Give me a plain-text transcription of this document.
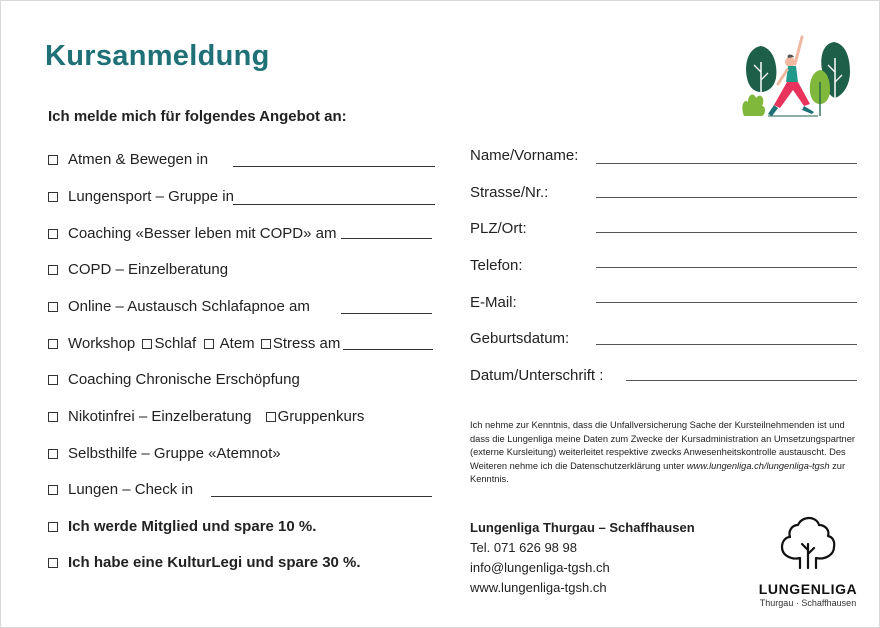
Kursanmeldung
Ich melde mich für folgendes Angebot an:
Atmen & Bewegen in
Lungensport – Gruppe in
Coaching «Besser leben mit COPD» am
COPD – Einzelberatung
Online – Austausch Schlafapnoe am
Workshop Schlaf Atem Stress am
Coaching Chronische Erschöpfung
Nikotinfrei – Einzelberatung Gruppenkurs
Selbsthilfe – Gruppe «Atemnot»
Lungen – Check in
Ich werde Mitglied und spare 10 %.
Ich habe eine KulturLegi und spare 30 %.
Name/Vorname:
Strasse/Nr.:
PLZ/Ort:
Telefon:
E-Mail:
Geburtsdatum:
Datum/Unterschrift :
Ich nehme zur Kenntnis, dass die Unfallversicherung Sache der Kursteilnehmenden ist und dass die Lungenliga meine Daten zum Zwecke der Kursadministration an Umsetzungspartner (externe Kursleitung) weiterleitet respektive zwecks Anwesenheitskontrolle austauscht. Des Weiteren nehme ich die Datenschutzerklärung unter www.lungenliga.ch/lungenliga-tgsh zur Kenntnis.
Lungenliga Thurgau – Schaffhausen
Tel. 071 626 98 98
info@lungenliga-tgsh.ch
www.lungenliga-tgsh.ch	LUNGENLIGA
Thurgau · Schaffhausen
